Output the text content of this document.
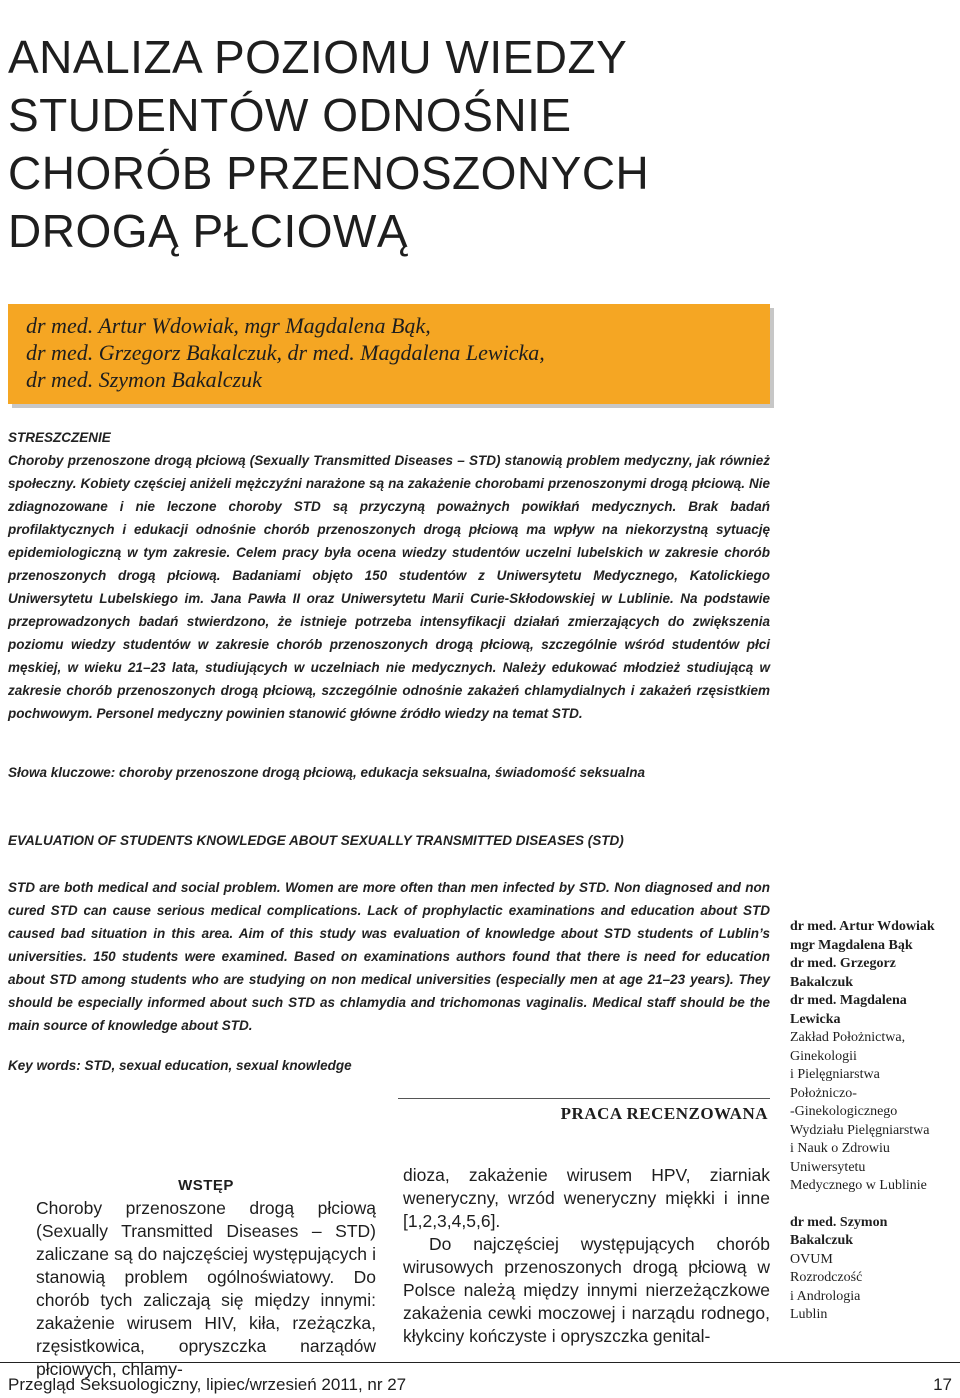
ANALIZA POZIOMU WIEDZY
STUDENTÓW ODNOŚNIE
CHORÓB PRZENOSZONYCH
DROGĄ PŁCIOWĄ
dr med. Artur Wdowiak, mgr Magdalena Bąk,
dr med. Grzegorz Bakalczuk, dr med. Magdalena Lewicka,
dr med. Szymon Bakalczuk
STRESZCZENIE
Choroby przenoszone drogą płciową (Sexually Transmitted Diseases – STD) stanowią problem medyczny, jak również społeczny. Kobiety częściej aniżeli mężczyźni narażone są na zakażenie chorobami przenoszonymi drogą płciową. Nie zdiagnozowane i nie leczone choroby STD są przyczyną poważnych powikłań medycznych. Brak badań profilaktycznych i edukacji odnośnie chorób przenoszonych drogą płciową ma wpływ na niekorzystną sytuację epidemiologiczną w tym zakresie. Celem pracy była ocena wiedzy studentów uczelni lubelskich w zakresie chorób przenoszonych drogą płciową. Badaniami objęto 150 studentów z Uniwersytetu Medycznego, Katolickiego Uniwersytetu Lubelskiego im. Jana Pawła II oraz Uniwersytetu Marii Curie-Skłodowskiej w Lublinie. Na podstawie przeprowadzonych badań stwierdzono, że istnieje potrzeba intensyfikacji działań zmierzających do zwiększenia poziomu wiedzy studentów w zakresie chorób przenoszonych drogą płciową, szczególnie wśród studentów płci męskiej, w wieku 21–23 lata, studiujących w uczelniach nie medycznych. Należy edukować młodzież studiującą w zakresie chorób przenoszonych drogą płciową, szczególnie odnośnie zakażeń chlamydialnych i zakażeń rzęsistkiem pochwowym. Personel medyczny powinien stanowić główne źródło wiedzy na temat STD.
Słowa kluczowe: choroby przenoszone drogą płciową, edukacja seksualna, świadomość seksualna
EVALUATION OF STUDENTS KNOWLEDGE ABOUT SEXUALLY TRANSMITTED DISEASES (STD)
STD are both medical and social problem. Women are more often than men infected by STD. Non diagnosed and non cured STD can cause serious medical complications. Lack of prophylactic examinations and education about STD caused bad situation in this area. Aim of this study was evaluation of knowledge about STD students of Lublin’s universities. 150 students were examined. Based on examinations authors found that there is need for education about STD among students who are studying on non medical universities (especially men at age 21–23 years). They should be especially informed about such STD as chlamydia and trichomonas vaginalis. Medical staff should be the main source of knowledge about STD.
Key words: STD, sexual education, sexual knowledge
PRACA RECENZOWANA
WSTĘP
Choroby przenoszone drogą płciową (Sexually Transmitted Diseases – STD) zaliczane są do najczęściej występujących i stanowią problem ogólnoświatowy. Do chorób tych zaliczają się między innymi: zakażenie wirusem HIV, kiła, rzeżączka, rzęsistkowica, opryszczka narządów płciowych, chlamy-
dioza, zakażenie wirusem HPV, ziarniak weneryczny, wrzód weneryczny miękki i inne [1,2,3,4,5,6].
Do najczęściej występujących chorób wirusowych przenoszonych drogą płciową w Polsce należą między innymi nierzeżączkowe zakażenia cewki moczowej i narządu rodnego, kłykciny kończyste i opryszczka genital-
dr med. Artur Wdowiak
mgr Magdalena Bąk
dr med. Grzegorz Bakalczuk
dr med. Magdalena Lewicka
Zakład Położnictwa,
Ginekologii
i Pielęgniarstwa
Położniczo-
-Ginekologicznego
Wydziału Pielęgniarstwa
i Nauk o Zdrowiu
Uniwersytetu
Medycznego w Lublinie
dr med. Szymon Bakalczuk
OVUM
Rozrodczość
i Andrologia
Lublin
Przegląd Seksuologiczny, lipiec/wrzesień 2011, nr 27	17
